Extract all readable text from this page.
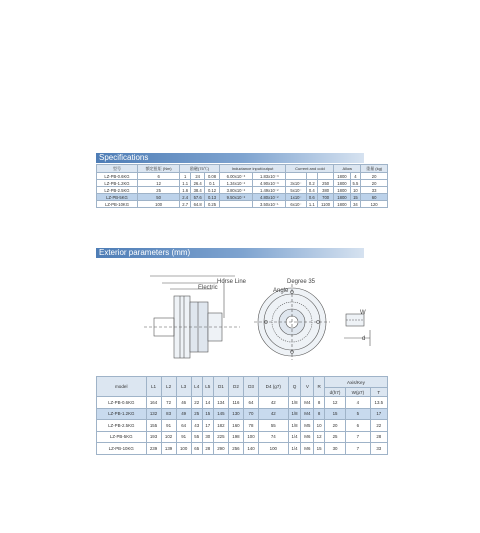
Specifications
型号	额定扭矩 (Nm)	励磁(75℃)			Inductance input/output		Current and cold			Allow		重量 (kg)
LZ-PB-0.6KG	6	1	24	0.08	6.00x10⁻³	1.83x10⁻³				1800	4	20
LZ-PB-1.2KG	12	1.1	26.4	0.1	1.34x10⁻²	4.90x10⁻³	3x10⁻	0.2	250	1800	5.5	20
LZ-PB-2.5KG	25	1.6	38.4	0.12	3.80x10⁻²	1.49x10⁻²	5x10⁻	0.4	380	1800	10	33
LZ-PB-5KG	50	2.4	57.6	0.13	9.50x10⁻²	4.80x10⁻²	1x10⁻	0.6	700	1800	15	60
LZ-PB-10KG	100	2.7	64.8	0.25		3.50x10⁻¹	6x10⁻	1.1	1100	1800	34	120
Exterior parameters (mm)
Horse Line	Degree 35
Angle
Electric
W
d
model	L1	L2	L3	L4	L5	D1	D2	D3	D4 (g7)	Q	V	R	Axis/Key		
													d(h7)	W(p7)	T
LZ-PB-0.6KG	164	72	46	22	14	134	116	64	42	1/8	M4	8	12	4	13.5
LZ-PB-1.2KG	132	83	49	25	15	145	130	70	42	1/8	M4	8	15	5	17
LZ-PB-2.5KG	155	91	64	43	17	182	160	78	55	1/8	M5	10	20	6	22
LZ-PB-5KG	193	102	91	55	30	225	198	100	74	1/4	M6	12	25	7	28
LZ-PB-10KG	239	139	100	65	28	290	256	140	100	1/4	M6	15	30	7	33
